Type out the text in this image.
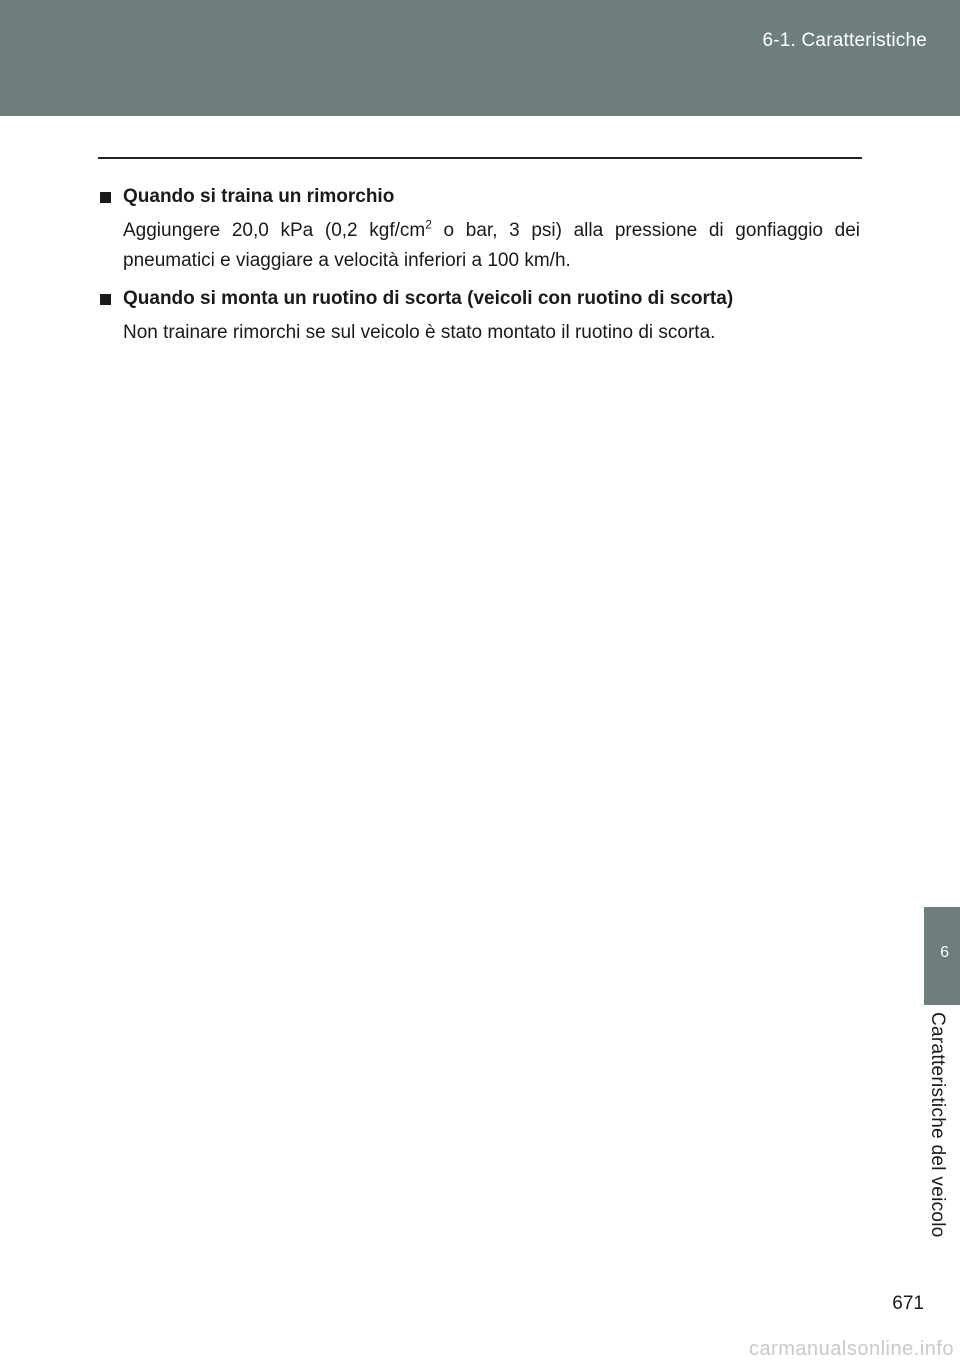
6-1. Caratteristiche
Quando si traina un rimorchio
Aggiungere 20,0 kPa (0,2 kgf/$cm^2$ o bar, 3 psi) alla pressione di gonfiaggio dei pneumatici e viaggiare a velocità inferiori a 100 km/h.
Quando si monta un ruotino di scorta (veicoli con ruotino di scorta)
Non trainare rimorchi se sul veicolo è stato montato il ruotino di scorta.
6
Caratteristiche del veicolo
671
carmanualsonline.info
